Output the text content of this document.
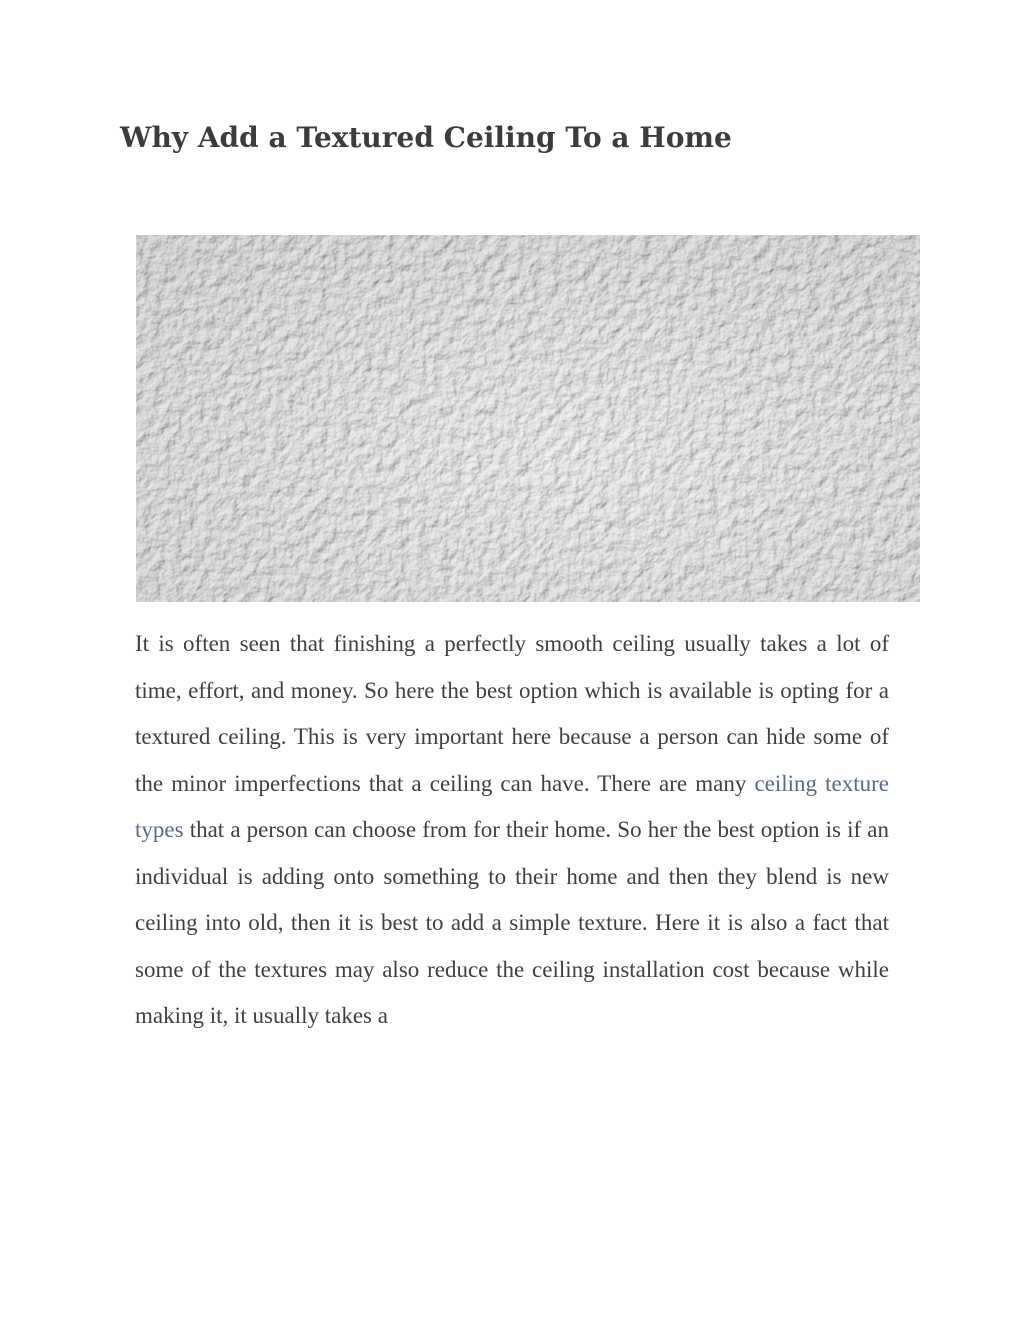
Why Add a Textured Ceiling To a Home

It is often seen that finishing a perfectly smooth ceiling usually takes a lot of time, effort, and money. So here the best option which is available is opting for a textured ceiling. This is very important here because a person can hide some of the minor imperfections that a ceiling can have. There are many ceiling texture types that a person can choose from for their home. So her the best option is if an individual is adding onto something to their home and then they blend is new ceiling into old, then it is best to add a simple texture. Here it is also a fact that some of the textures may also reduce the ceiling installation cost because while making it, it usually takes a
